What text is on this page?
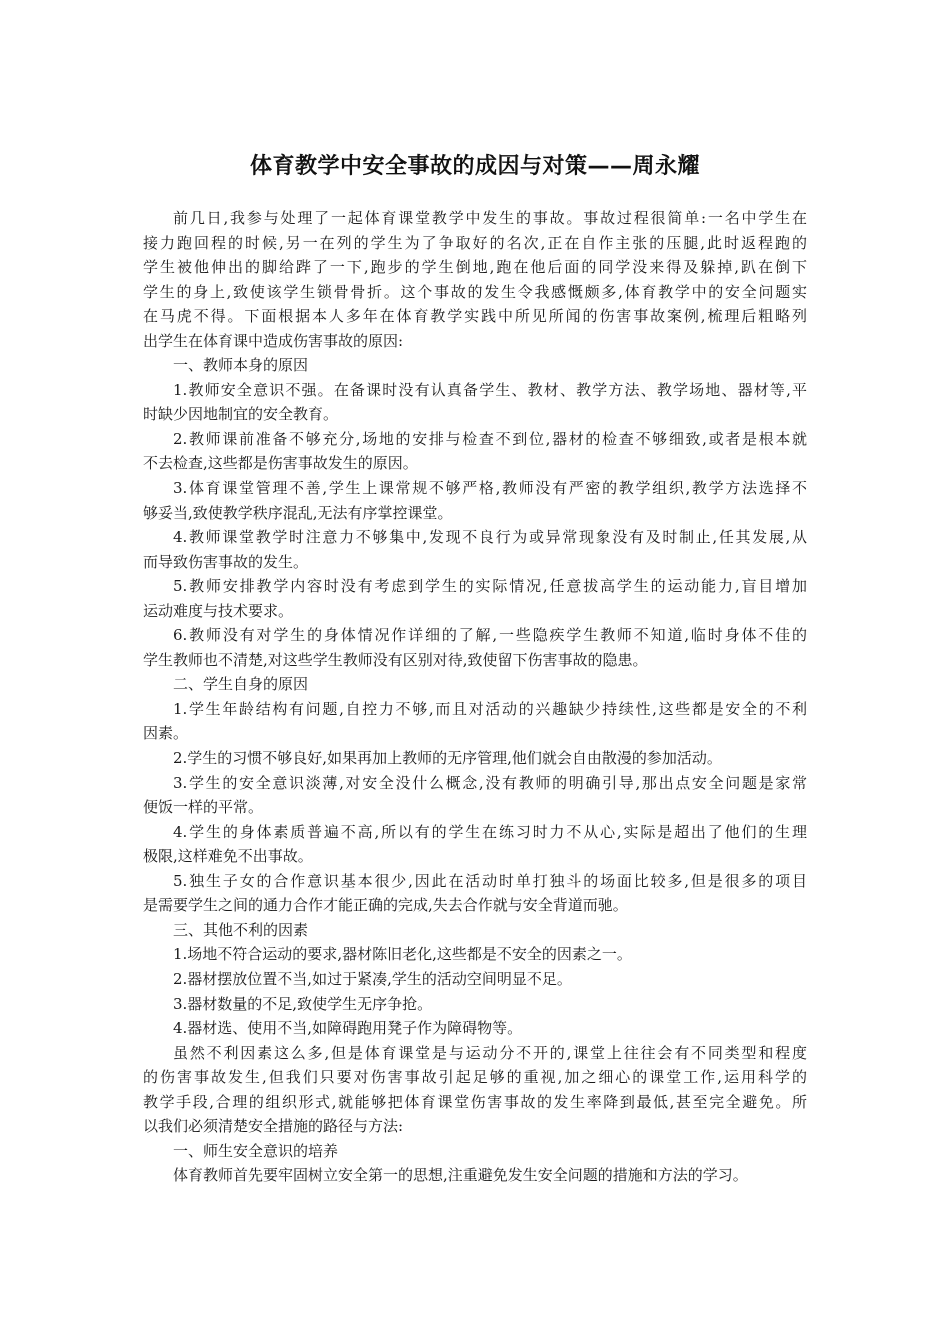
体育教学中安全事故的成因与对策——周永耀
前几日,我参与处理了一起体育课堂教学中发生的事故。事故过程很简单:一名中学生在
接力跑回程的时候,另一在列的学生为了争取好的名次,正在自作主张的压腿,此时返程跑的
学生被他伸出的脚给跸了一下,跑步的学生倒地,跑在他后面的同学没来得及躲掉,趴在倒下
学生的身上,致使该学生锁骨骨折。这个事故的发生令我感慨颇多,体育教学中的安全问题实
在马虎不得。下面根据本人多年在体育教学实践中所见所闻的伤害事故案例,梳理后粗略列
出学生在体育课中造成伤害事故的原因:
一、教师本身的原因
1.教师安全意识不强。在备课时没有认真备学生、教材、教学方法、教学场地、器材等,平
时缺少因地制宜的安全教育。
2.教师课前准备不够充分,场地的安排与检查不到位,器材的检查不够细致,或者是根本就
不去检查,这些都是伤害事故发生的原因。
3.体育课堂管理不善,学生上课常规不够严格,教师没有严密的教学组织,教学方法选择不
够妥当,致使教学秩序混乱,无法有序掌控课堂。
4.教师课堂教学时注意力不够集中,发现不良行为或异常现象没有及时制止,任其发展,从
而导致伤害事故的发生。
5.教师安排教学内容时没有考虑到学生的实际情况,任意拔高学生的运动能力,盲目增加
运动难度与技术要求。
6.教师没有对学生的身体情况作详细的了解,一些隐疾学生教师不知道,临时身体不佳的
学生教师也不清楚,对这些学生教师没有区别对待,致使留下伤害事故的隐患。
二、学生自身的原因
1.学生年龄结构有问题,自控力不够,而且对活动的兴趣缺少持续性,这些都是安全的不利
因素。
2.学生的习惯不够良好,如果再加上教师的无序管理,他们就会自由散漫的参加活动。
3.学生的安全意识淡薄,对安全没什么概念,没有教师的明确引导,那出点安全问题是家常
便饭一样的平常。
4.学生的身体素质普遍不高,所以有的学生在练习时力不从心,实际是超出了他们的生理
极限,这样难免不出事故。
5.独生子女的合作意识基本很少,因此在活动时单打独斗的场面比较多,但是很多的项目
是需要学生之间的通力合作才能正确的完成,失去合作就与安全背道而驰。
三、其他不利的因素
1.场地不符合运动的要求,器材陈旧老化,这些都是不安全的因素之一。
2.器材摆放位置不当,如过于紧凑,学生的活动空间明显不足。
3.器材数量的不足,致使学生无序争抢。
4.器材选、使用不当,如障碍跑用凳子作为障碍物等。
虽然不利因素这么多,但是体育课堂是与运动分不开的,课堂上往往会有不同类型和程度
的伤害事故发生,但我们只要对伤害事故引起足够的重视,加之细心的课堂工作,运用科学的
教学手段,合理的组织形式,就能够把体育课堂伤害事故的发生率降到最低,甚至完全避免。所
以我们必须清楚安全措施的路径与方法:
一、师生安全意识的培养
体育教师首先要牢固树立安全第一的思想,注重避免发生安全问题的措施和方法的学习。
